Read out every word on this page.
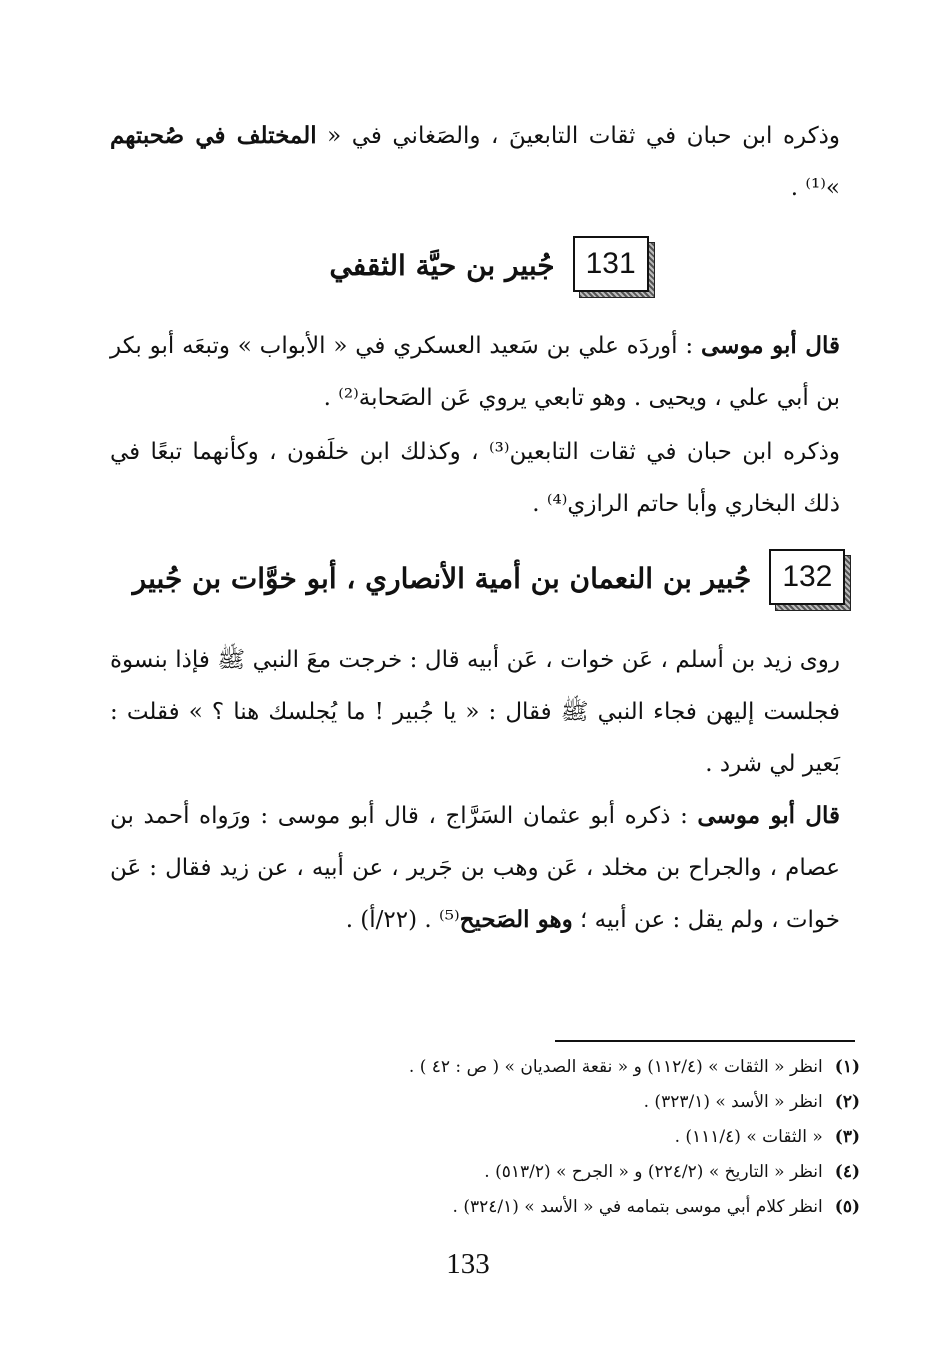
وذكره ابن حبان في ثقات التابعينَ ، والصَغاني في « المختلف في صُحبتهم »⁽¹⁾ .

131
جُبير بن حيَّة الثقفي

قال أبو موسى : أوردَه علي بن سَعيد العسكري في « الأبواب » وتبعَه أبو بكر بن أبي علي ، ويحيى . وهو تابعي يروي عَن الصَحابة⁽²⁾ .

وذكره ابن حبان في ثقات التابعين⁽³⁾ ، وكذلك ابن خلَفون ، وكأنهما تبعًا في ذلك البخاري وأبا حاتم الرازي⁽⁴⁾ .

132
جُبير بن النعمان بن أمية الأنصاري ، أبو خوَّات بن جُبير

روى زيد بن أسلم ، عَن خوات ، عَن أبيه قال : خرجت معَ النبي ﷺ فإذا بنسوة فجلست إليهن فجاء النبي ﷺ فقال : « يا جُبير ! ما يُجلسك هنا ؟ » فقلت : بَعير لي شرد .

قال أبو موسى : ذكره أبو عثمان السَرَّاج ، قال أبو موسى : ورَواه أحمد بن عصام ، والجراح بن مخلد ، عَن وهب بن جَرير ، عن أبيه ، عن زيد فقال : عَن خوات ، ولم يقل : عن أبيه ؛ وهو الصَحيح⁽⁵⁾ . (٢٢/أ) .

(١)
انظر « الثقات » (١١٢/٤) و « نقعة الصديان » ( ص : ٤٢ ) .
(٢)
انظر « الأسد » (٣٢٣/١) .
(٣)
« الثقات » (١١١/٤) .
(٤)
انظر « التاريخ » (٢٢٤/٢) و « الجرح » (٥١٣/٢) .
(٥)
انظر كلام أبي موسى بتمامه في « الأسد » (٣٢٤/١) .
133
